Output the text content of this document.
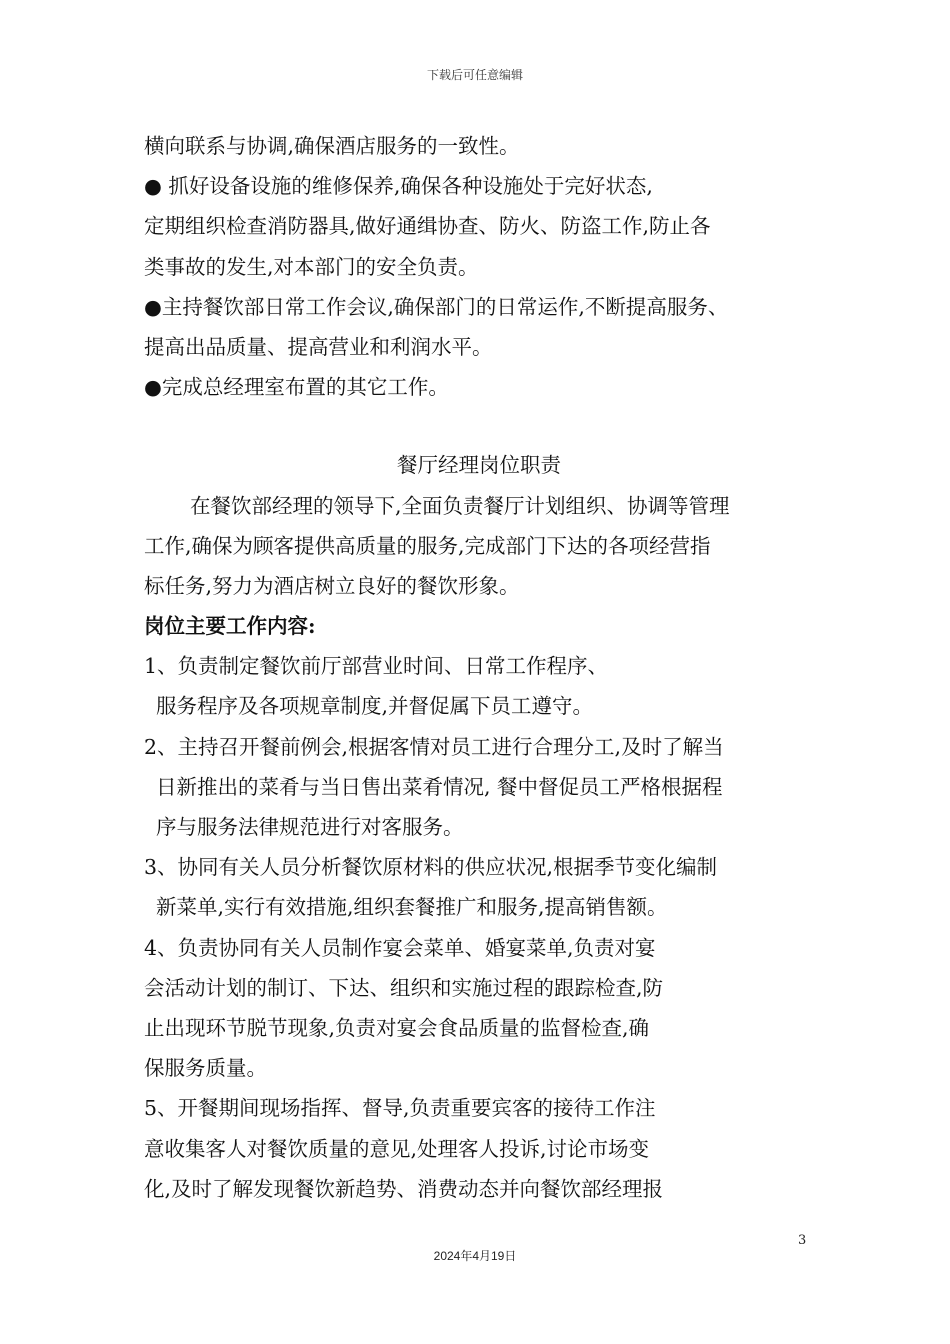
下载后可任意编辑
横向联系与协调,确保酒店服务的一致性。
● 抓好设备设施的维修保养,确保各种设施处于完好状态,
定期组织检查消防器具,做好通缉协查、防火、防盗工作,防止各
类事故的发生,对本部门的安全负责。
●主持餐饮部日常工作会议,确保部门的日常运作,不断提高服务、
提高出品质量、提高营业和利润水平。
●完成总经理室布置的其它工作。
餐厅经理岗位职责
在餐饮部经理的领导下,全面负责餐厅计划组织、协调等管理
工作,确保为顾客提供高质量的服务,完成部门下达的各项经营指
标任务,努力为酒店树立良好的餐饮形象。
岗位主要工作内容:
1、负责制定餐饮前厅部营业时间、日常工作程序、
服务程序及各项规章制度,并督促属下员工遵守。
2、主持召开餐前例会,根据客情对员工进行合理分工,及时了解当
日新推出的菜肴与当日售出菜肴情况, 餐中督促员工严格根据程
序与服务法律规范进行对客服务。
3、协同有关人员分析餐饮原材料的供应状况,根据季节变化编制
新菜单,实行有效措施,组织套餐推广和服务,提高销售额。
4、负责协同有关人员制作宴会菜单、婚宴菜单,负责对宴
会活动计划的制订、下达、组织和实施过程的跟踪检查,防
止出现环节脱节现象,负责对宴会食品质量的监督检查,确
保服务质量。
5、开餐期间现场指挥、督导,负责重要宾客的接待工作注
意收集客人对餐饮质量的意见,处理客人投诉,讨论市场变
化,及时了解发现餐饮新趋势、消费动态并向餐饮部经理报
3
2024年4月19日
